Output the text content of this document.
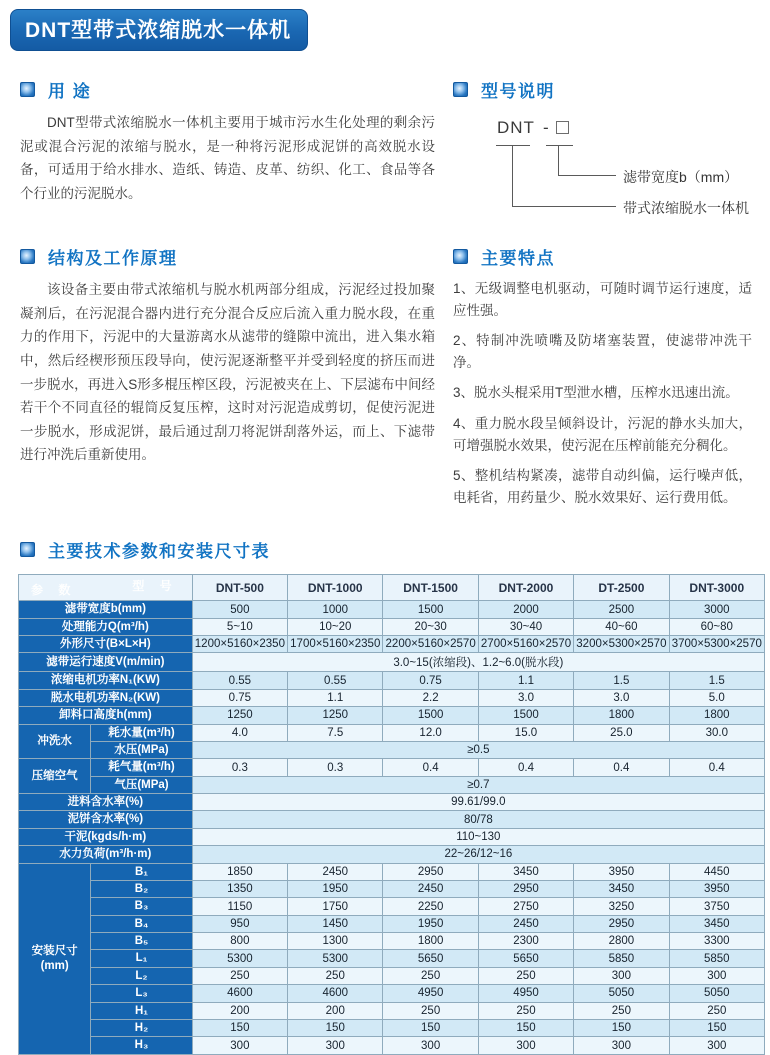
DNT型带式浓缩脱水一体机
用 途

DNT型带式浓缩脱水一体机主要用于城市污水生化处理的剩余污泥或混合污泥的浓缩与脱水，是一种将污泥形成泥饼的高效脱水设备，可适用于给水排水、造纸、铸造、皮革、纺织、化工、食品等各个行业的污泥脱水。

型号说明
DNT -
滤带宽度b（mm）
带式浓缩脱水一体机
结构及工作原理

该设备主要由带式浓缩机与脱水机两部分组成，污泥经过投加聚凝剂后，在污泥混合器内进行充分混合反应后流入重力脱水段，在重力的作用下，污泥中的大量游离水从滤带的缝隙中流出，进入集水箱中，然后经楔形预压段导向，使污泥逐渐整平并受到轻度的挤压而进一步脱水，再进入S形多棍压榨区段，污泥被夹在上、下层滤布中间经若干个不同直径的辊筒反复压榨，这时对污泥造成剪切，促使污泥进一步脱水，形成泥饼，最后通过刮刀将泥饼刮落外运，而上、下滤带进行冲洗后重新使用。

主要特点
1、无级调整电机驱动，可随时调节运行速度，适应性强。
2、特制冲洗喷嘴及防堵塞装置，使滤带冲洗干净。
3、脱水头棍采用T型泄水槽，压榨水迅速出流。
4、重力脱水段呈倾斜设计，污泥的静水头加大，可增强脱水效果，使污泥在压榨前能充分稠化。
5、整机结构紧凑，滤带自动纠偏，运行噪声低，电耗省，用药量少、脱水效果好、运行费用低。
主要技术参数和安装尺寸表
型 号
参 数		DNT-500	DNT-1000	DNT-1500	DNT-2000	DT-2500	DNT-3000
滤带宽度b(mm)		500	1000	1500	2000	2500	3000
处理能力Q(m³/h)		5~10	10~20	20~30	30~40	40~60	60~80
外形尺寸(B×L×H)		1200×5160×2350	1700×5160×2350	2200×5160×2570	2700×5160×2570	3200×5300×2570	3700×5300×2570
滤带运行速度V(m/min)		3.0~15(浓缩段)、1.2~6.0(脱水段)					
浓缩电机功率N₁(KW)		0.55	0.55	0.75	1.1	1.5	1.5
脱水电机功率N₂(KW)		0.75	1.1	2.2	3.0	3.0	5.0
卸料口高度h(mm)		1250	1250	1500	1500	1800	1800
冲洗水	耗水量(m³/h)	4.0	7.5	12.0	15.0	25.0	30.0
	水压(MPa)	≥0.5					
压缩空气	耗气量(m³/h)	0.3	0.3	0.4	0.4	0.4	0.4
	气压(MPa)	≥0.7					
进料含水率(%)		99.61/99.0					
泥饼含水率(%)		80/78					
干泥(kgds/h·m)		110~130					
水力负荷(m³/h·m)		22~26/12~16					
安装尺寸(mm)	B₁	1850	2450	2950	3450	3950	4450
	B₂	1350	1950	2450	2950	3450	3950
	B₃	1150	1750	2250	2750	3250	3750
	B₄	950	1450	1950	2450	2950	3450
	B₅	800	1300	1800	2300	2800	3300
	L₁	5300	5300	5650	5650	5850	5850
	L₂	250	250	250	250	300	300
	L₃	4600	4600	4950	4950	5050	5050
	H₁	200	200	250	250	250	250
	H₂	150	150	150	150	150	150
	H₃	300	300	300	300	300	300
